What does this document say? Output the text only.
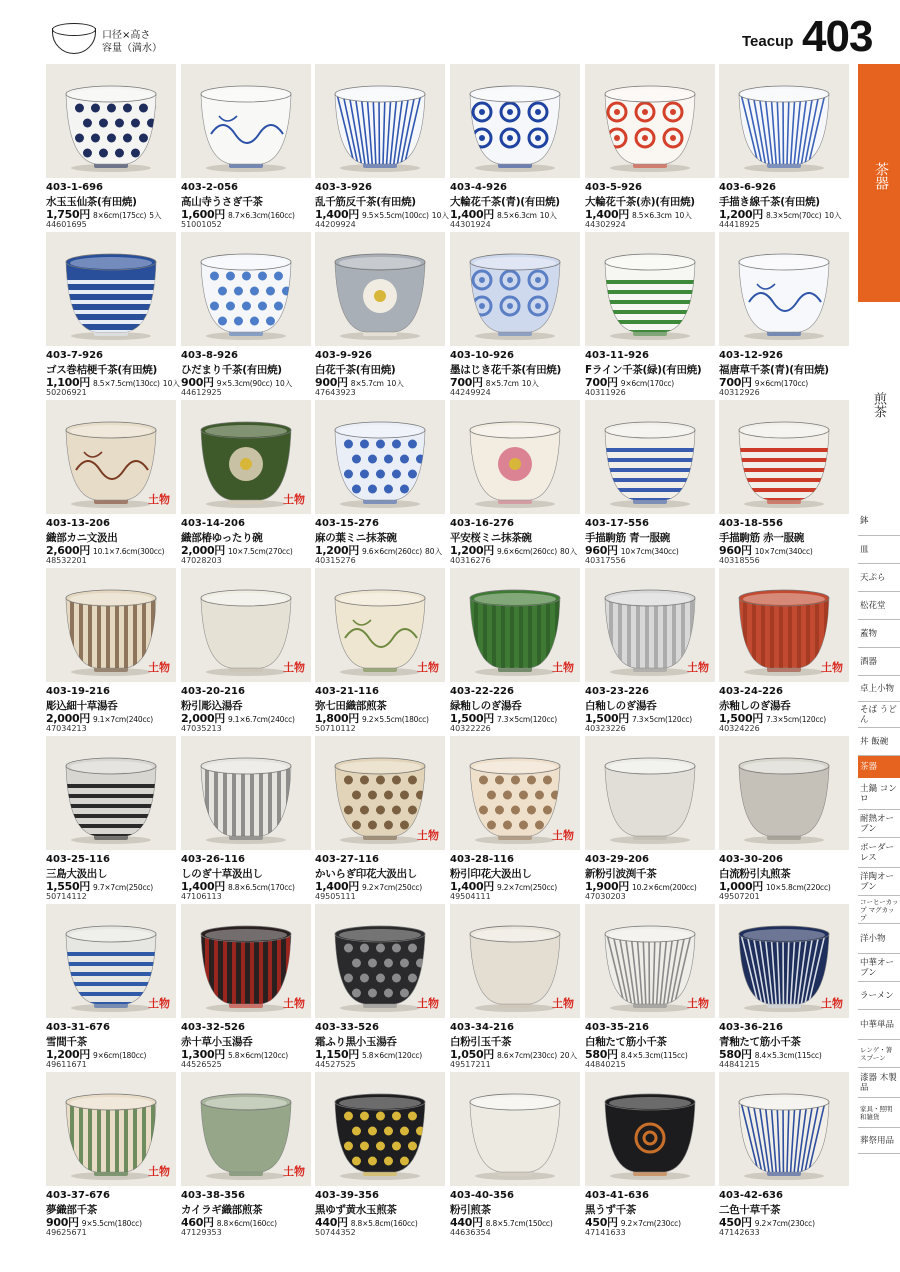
口径×高さ
容量（満水）	Teacup 403
403-1-696
水玉玉仙茶(有田焼)
1,750円 8×6cm(175cc) 5入
44601695
403-2-056
高山寺うさぎ千茶
1,600円 8.7×6.3cm(160cc)
51001052
403-3-926
乱千筋反千茶(有田焼)
1,400円 9.5×5.5cm(100cc) 10入
44209924
403-4-926
大輪花千茶(青)(有田焼)
1,400円 8.5×6.3cm 10入
44301924
403-5-926
大輪花千茶(赤)(有田焼)
1,400円 8.5×6.3cm 10入
44302924
403-6-926
手描き線千茶(有田焼)
1,200円 8.3×5cm(70cc) 10入
44418925
403-7-926
ゴス巻桔梗千茶(有田焼)
1,100円 8.5×7.5cm(130cc) 10入
50206921
403-8-926
ひだまり千茶(有田焼)
900円 9×5.3cm(90cc) 10入
44612925
403-9-926
白花千茶(有田焼)
900円 8×5.7cm 10入
47643923
403-10-926
墨はじき花千茶(有田焼)
700円 8×5.7cm 10入
44249924
403-11-926
Fライン千茶(緑)(有田焼)
700円 9×6cm(170cc)
40311926
403-12-926
福唐草千茶(青)(有田焼)
700円 9×6cm(170cc)
40312926
土物
403-13-206
織部カニ文汲出
2,600円 10.1×7.6cm(300cc)
48532201
土物
403-14-206
織部椿ゆったり碗
2,000円 10×7.5cm(270cc)
47028203
403-15-276
麻の葉ミニ抹茶碗
1,200円 9.6×6cm(260cc) 80入
40315276
403-16-276
平安桜ミニ抹茶碗
1,200円 9.6×6cm(260cc) 80入
40316276
403-17-556
手描駒筋 青一服碗
960円 10×7cm(340cc)
40317556
403-18-556
手描駒筋 赤一服碗
960円 10×7cm(340cc)
40318556
土物
403-19-216
彫込細十草湯呑
2,000円 9.1×7cm(240cc)
47034213
土物
403-20-216
粉引彫込湯呑
2,000円 9.1×6.7cm(240cc)
47035213
土物
403-21-116
弥七田織部煎茶
1,800円 9.2×5.5cm(180cc)
50710112
土物
403-22-226
緑釉しのぎ湯呑
1,500円 7.3×5cm(120cc)
40322226
土物
403-23-226
白釉しのぎ湯呑
1,500円 7.3×5cm(120cc)
40323226
土物
403-24-226
赤釉しのぎ湯呑
1,500円 7.3×5cm(120cc)
40324226
403-25-116
三島大汲出し
1,550円 9.7×7cm(250cc)
50714112
403-26-116
しのぎ十草汲出し
1,400円 8.8×6.5cm(170cc)
47106113
土物
403-27-116
かいらぎ印花大汲出し
1,400円 9.2×7cm(250cc)
49505111
土物
403-28-116
粉引印花大汲出し
1,400円 9.2×7cm(250cc)
49504111
403-29-206
新粉引波渕千茶
1,900円 10.2×6cm(200cc)
47030203
403-30-206
白流粉引丸煎茶
1,000円 10×5.8cm(220cc)
49507201
土物
403-31-676
雪間千茶
1,200円 9×6cm(180cc)
49611671
土物
403-32-526
赤十草小玉湯呑
1,300円 5.8×6cm(120cc)
44526525
土物
403-33-526
霜ふり黒小玉湯呑
1,150円 5.8×6cm(120cc)
44527525
土物
403-34-216
白粉引玉千茶
1,050円 8.6×7cm(230cc) 20入
49517211
土物
403-35-216
白釉たて筋小千茶
580円 8.4×5.3cm(115cc)
44840215
土物
403-36-216
青釉たて筋小千茶
580円 8.4×5.3cm(115cc)
44841215
土物
403-37-676
夢織部千茶
900円 9×5.5cm(180cc)
49625671
土物
403-38-356
カイラギ織部煎茶
460円 8.8×6cm(160cc)
47129353
403-39-356
黒ゆず黄水玉煎茶
440円 8.8×5.8cm(160cc)
50744352
403-40-356
粉引煎茶
440円 8.8×5.7cm(150cc)
44636354
403-41-636
黒うず千茶
450円 9.2×7cm(230cc)
47141633
403-42-636
二色十草千茶
450円 9.2×7cm(230cc)
47142633
茶器
煎茶
鉢
皿
天ぷら
松花堂
蓋物
酒器
卓上小物
そば うどん
丼 飯碗
茶器
土鍋 コンロ
耐熱オーブン
ボーダーレス
洋陶オーブン
コーヒーカップ マグカップ
洋小物
中華オーブン
ラーメン
中華単品
レンゲ・箸 スプーン
漆器 木製品
家具・照明 和雑貨
葬祭用品
